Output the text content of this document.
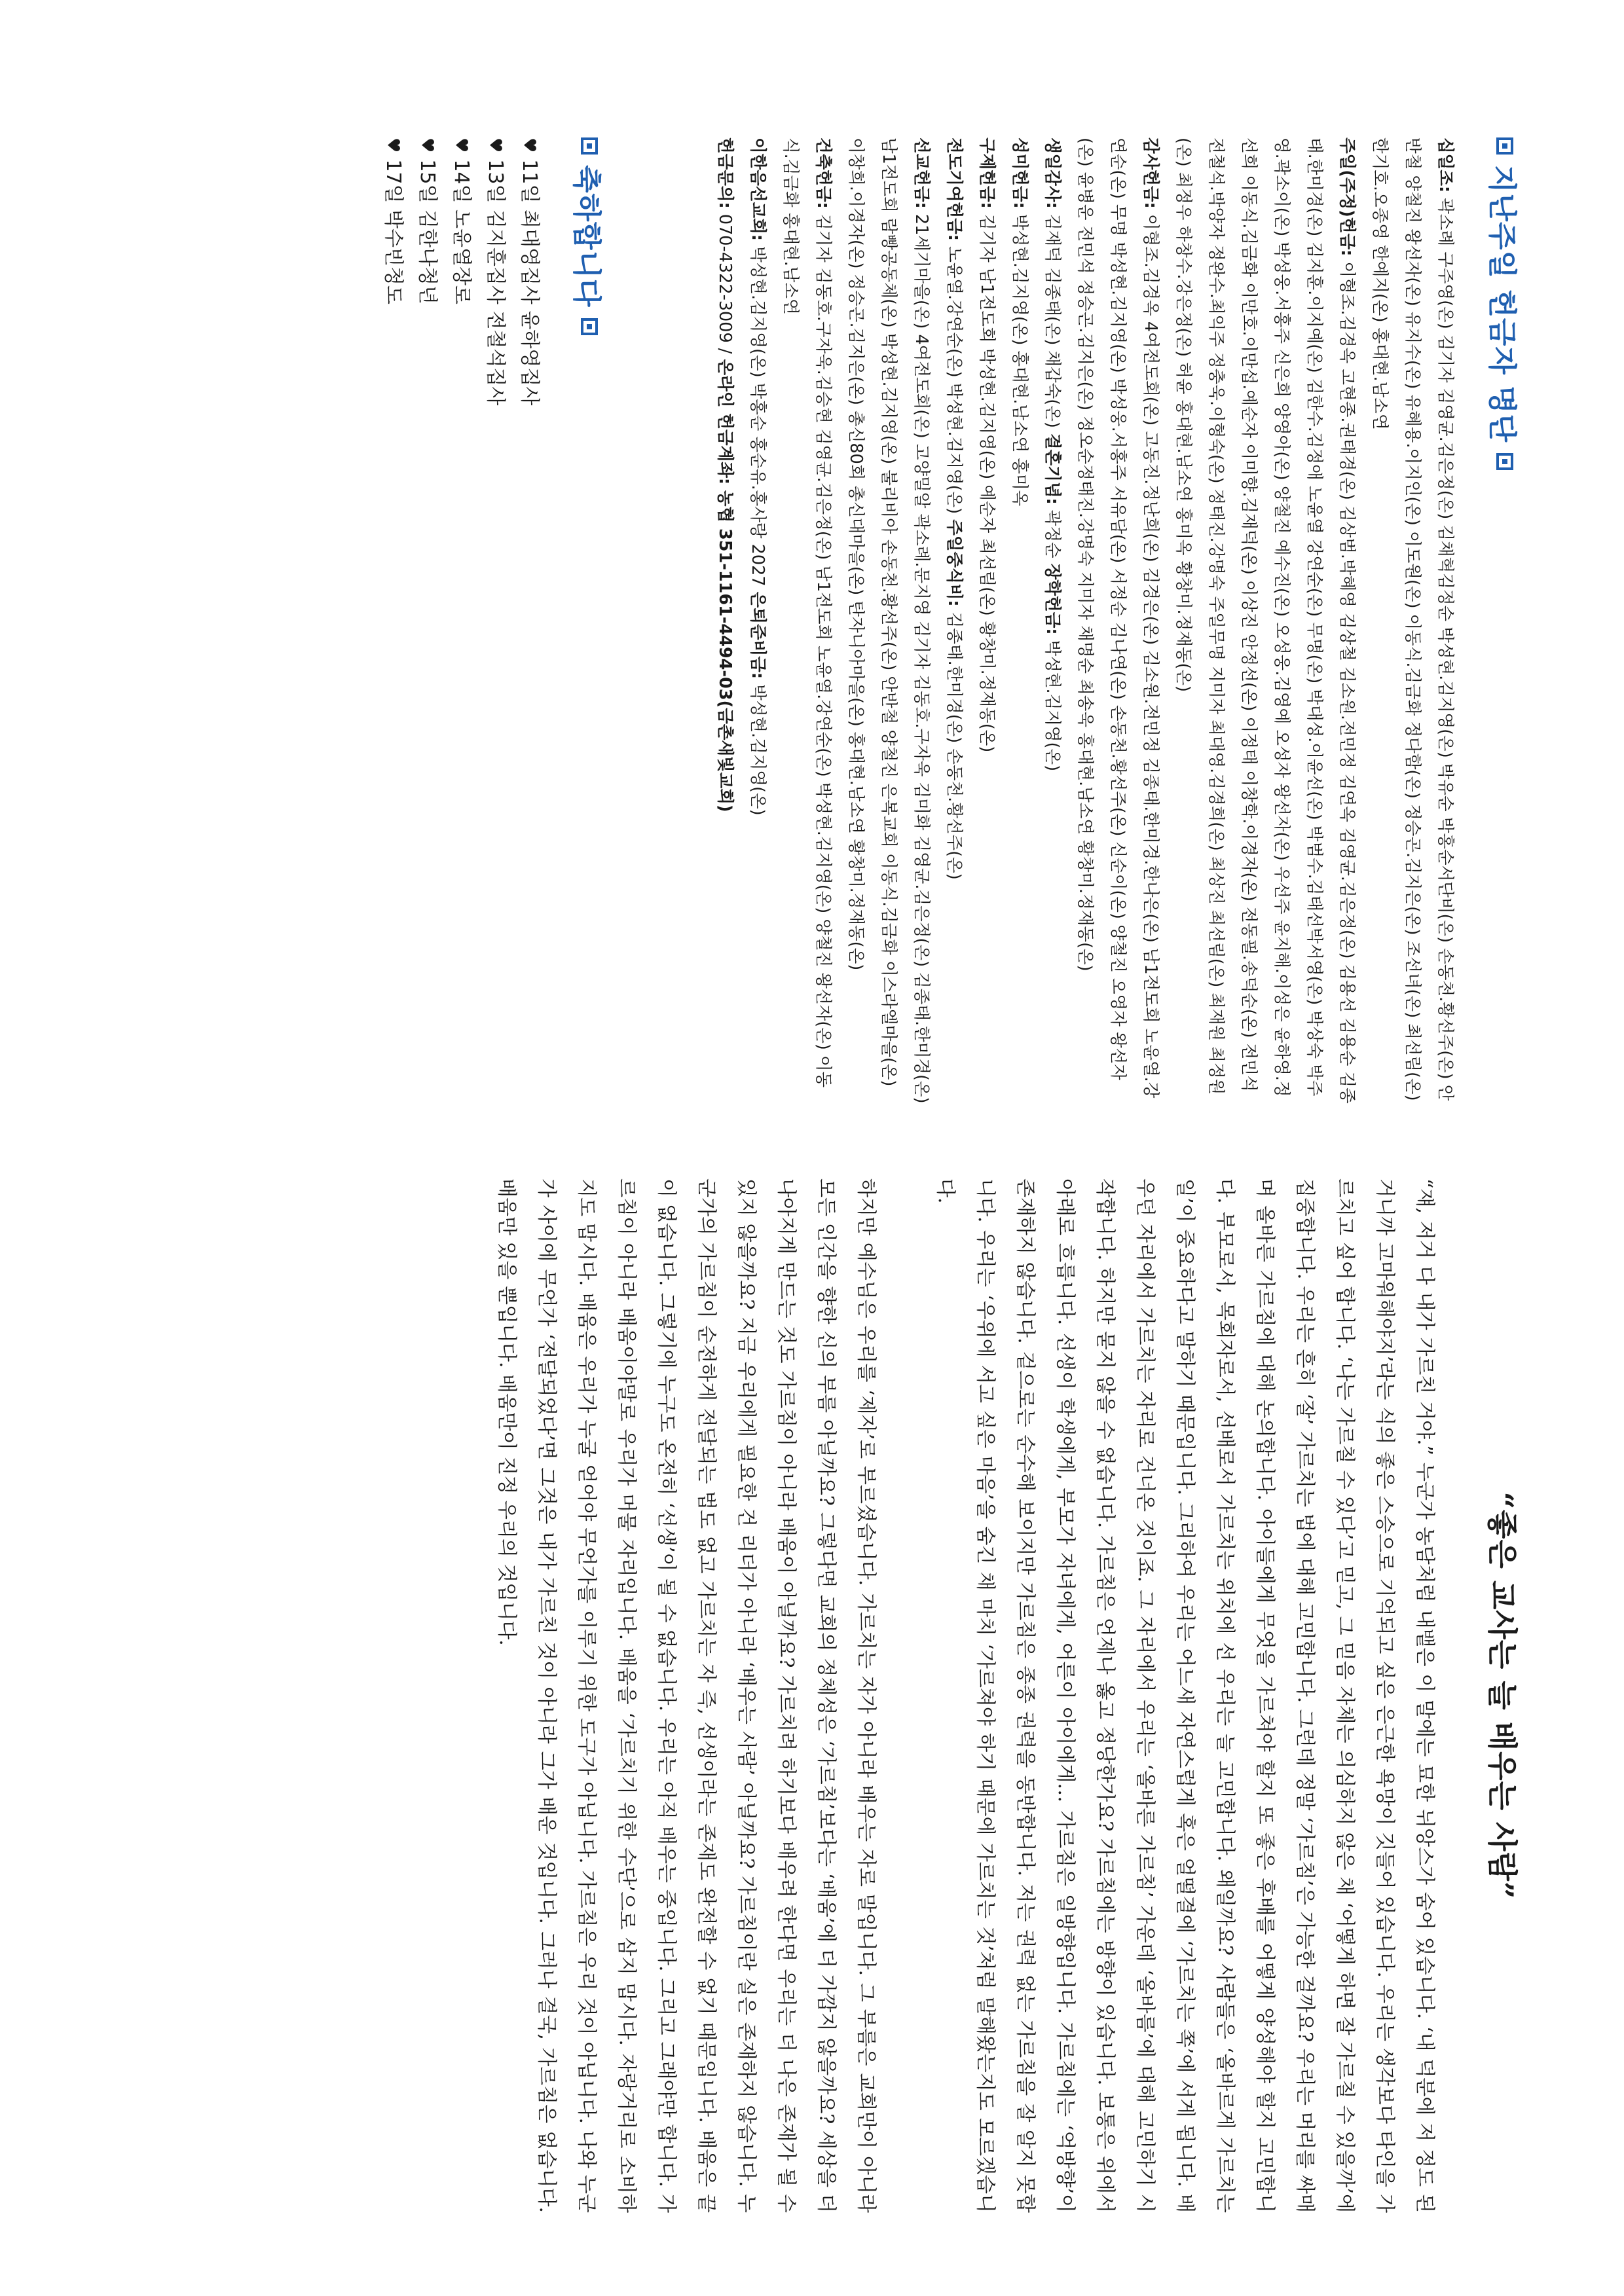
지난주일 헌금자 명단

십일조: 곽소례 구주영(온) 김기자 김영균.김은정(온) 김채혁김정순 박성현.김지영(온) 박유순 박홍순서단비(온) 손동천.황선주(온) 안반철 양철진 왕선자(온) 유지수(온) 유혜용.이지인(온) 이도원(온) 이동식.김금화 정다함(온) 정승곤.김지은(온) 조선녀(온) 최선림(온) 한기호.오종영 한예지(온) 홍대현.남소연

주일(주정)헌금: 이형조.김경옥 고현종.권태경(온) 김상범.박혜영 김상철 김소원.전민정 김연옥 김영균.김은정(온) 김용선 김용순 김종태.한미경(온) 김지훈.이지예(온) 김한수.김정애 노윤열 강연순(온) 무명(온) 박대성.이윤선(온) 박범수.김태선박서영(온) 박상숙 박주영.곽소이(온) 박성웅.서홍주 신은희 양영아(온) 양철진 예수진(온) 오성웅.김영예 오성자 왕선자(온) 우선주 윤지해.이성은 윤하영.정선희 이동식.김금화 이만호.이만섭.예순자 이미향.김재덕(온) 이상진 안정선(온) 이정태 이창학.이경자(온) 전동필.송덕순(온) 전민석 전철석.박양자 정완수.최익주 정충욱.이형숙(온) 정태진.강명숙 주일무명 지미자 최대영.김경희(온) 최상진 최선림(온) 최재원 최정원(온) 최정우 하창수.강은정(온) 허윤 홍대현.남소연 홍미옥 황창미.정재동(온)

감사헌금: 이형조.김경옥 4여전도회(온) 고동진.정난희(온) 김경은(온) 김소원.전민정 김종태.한미경.한나은(온) 남1전도회 노윤열.강연순(온) 무명 박성현.김지영(온) 박성웅.서홍주 서유담(온) 서정순 김나연(온) 손동천.황선주(온) 신순이(온) 양철진 오영자 왕선자(온) 윤병운 전민석 정승곤.김지은(온) 정오순정태진.강명숙 지미자 채명순 최송욱 홍대현.남소연 황창미.정재동(온)

생일감사: 김재덕 김종태(온) 채갑숙(온) 결혼기념: 곽정순 장학헌금: 박성현.김지영(온)

성미헌금: 박성현.김지영(온) 홍대현.남소연 홍미옥

구제헌금: 김기자 남1전도회 박성현.김지영(온) 예순자 최선림(온) 황창미.정재동(온)

전도기여헌금: 노윤열.강연순(온) 박성현.김지영(온) 주일중식비: 김종태.한미경(온) 손동천.황선주(온)

선교헌금: 21세기마을(온) 4여전도회(온) 고양밀알 곽소례.문지영 김기자 김동호.구자욱 김미화 김영균.김은정(온) 김종태.한미경(온) 남1전도회 람빵공동체(온) 박성현.김지영(온) 불리비아 손동천.황선주(온) 안반철 양철진 은복교회 이동식.김금화 이스라엘마을(온) 이창희.이경자(온) 정승곤.김지은(온) 총신80회 총신대마을(온) 탄자니아마을(온) 홍대현.남소연 황창미.정재동(온)

건축헌금: 김기자 김동호.구자욱.김승현 김영균.김은정(온) 남1전도회 노윤열.강연순(온) 박성현.김지영(온) 양철진 왕선자(온) 이동식.김금화 홍대현.남소연

이한음선교회: 박성현.김지영(온) 박홍순 홍순유.홍사랑 2027 은퇴준비금: 박성현.김지영(온)

헌금문의: 070-4322-3009 / 온라인 헌금계좌: 농협 351-1161-4494-03(금촌새빛교회)

축하합니다
♥
11일 최대영집사 윤하영집사
♥
13일 김지훈집사 전철석집사
♥
14일 노윤열장로
♥
15일 김한나청년
♥
17일 박수빈청도
“좋은 교사는 늘 배우는 사람”

“쟤, 저거 다 내가 가르친 거야.” 누군가 농담처럼 내뱉은 이 말에는 묘한 뉘앙스가 숨어 있습니다. ‘내 덕분에 저 정도 된 거니까 고마워해야지’라는 식의 좋은 스승으로 기억되고 싶은 은근한 욕망이 깃들어 있습니다. 우리는 생각보다 타인을 가르치고 싶어 합니다. ‘나는 가르칠 수 있다’고 믿고, 그 믿음 자체는 의심하지 않은 채 ‘어떻게 하면 잘 가르칠 수 있을까’에 집중합니다. 우리는 흔히 ‘잘’ 가르치는 법에 대해 고민합니다. 그런데 정말 ‘가르침’은 가능한 걸까요? 우리는 머리를 싸매며 올바른 가르침에 대해 논의합니다. 아이들에게 무엇을 가르쳐야 할지 또 좋은 후배를 어떻게 양성해야 할지 고민합니다. 부모로서, 목회자로서, 선배로서 가르치는 위치에 선 우리는 늘 고민합니다. 왜일까요? 사람들은 ‘올바르게 가르치는 일’이 중요하다고 말하기 때문입니다. 그리하여 우리는 어느새 자연스럽게 혹은 얼떨결에 ‘가르치는 쪽’에 서게 됩니다. 배우던 자리에서 가르치는 자리로 건너온 것이죠. 그 자리에서 우리는 ‘올바른 가르침’ 가운데 ‘올바름’에 대해 고민하기 시작합니다. 하지만 묻지 않을 수 없습니다. 가르침은 언제나 옳고 정당한가요? 가르침에는 방향이 있습니다. 보통은 위에서 아래로 흐릅니다. 선생이 학생에게, 부모가 자녀에게, 어른이 아이에게… 가르침은 일방향입니다. 가르침에는 ‘억방향’이 존재하지 않습니다. 겉으로는 순수해 보이지만 가르침은 종종 권력을 동반합니다. 저는 권력 없는 가르침을 잘 알지 못합니다. 우리는 ‘우위에 서고 싶은 마음’을 숨긴 채 마치 ‘가르쳐야 하기 때문에 가르치는 것’처럼 말해왔는지도 모르겠습니다.

하지만 예수님은 우리를 ‘제자’로 부르셨습니다. 가르치는 자가 아니라 배우는 자로 말입니다. 그 부름은 교회만이 아니라 모든 인간을 향한 신의 부름 아닐까요? 그렇다면 교회의 정체성은 ‘가르침’보다는 ‘배움’에 더 가깝지 않을까요? 세상을 더 나아지게 만드는 것도 가르침이 아니라 배움이 아닐까요? 가르치려 하기보다 배우려 한다면 우리는 더 나은 존재가 될 수 있지 않을까요? 지금 우리에게 필요한 건 리더가 아니라 ‘배우는 사람’ 아닐까요? 가르침이란 실은 존재하지 않습니다. 누군가의 가르침이 순전하게 전달되는 법도 없고 가르치는 자 즉, 선생이라는 존재도 완전할 수 없기 때문입니다. 배움은 끝이 없습니다. 그렇기에 누구도 온전히 ‘선생’이 될 수 없습니다. 우리는 아직 배우는 중입니다. 그리고 그래야만 합니다. 가르침이 아니라 배움이야말로 우리가 머물 자리입니다. 배움을 ‘가르치기 위한 수단’으로 삼지 맙시다. 자랑거리로 소비하지도 맙시다. 배움은 우리가 누굴 얻어야 무언가를 이루기 위한 도구가 아닙니다. 가르침은 우리 것이 아닙니다. 나와 누군가 사이에 무언가 ‘전달되었다’면 그것은 내가 가르친 것이 아니라 그가 배운 것입니다. 그러나 결국, 가르침은 없습니다. 배움만 있을 뿐입니다. 배움만이 진정 우리의 것입니다.
